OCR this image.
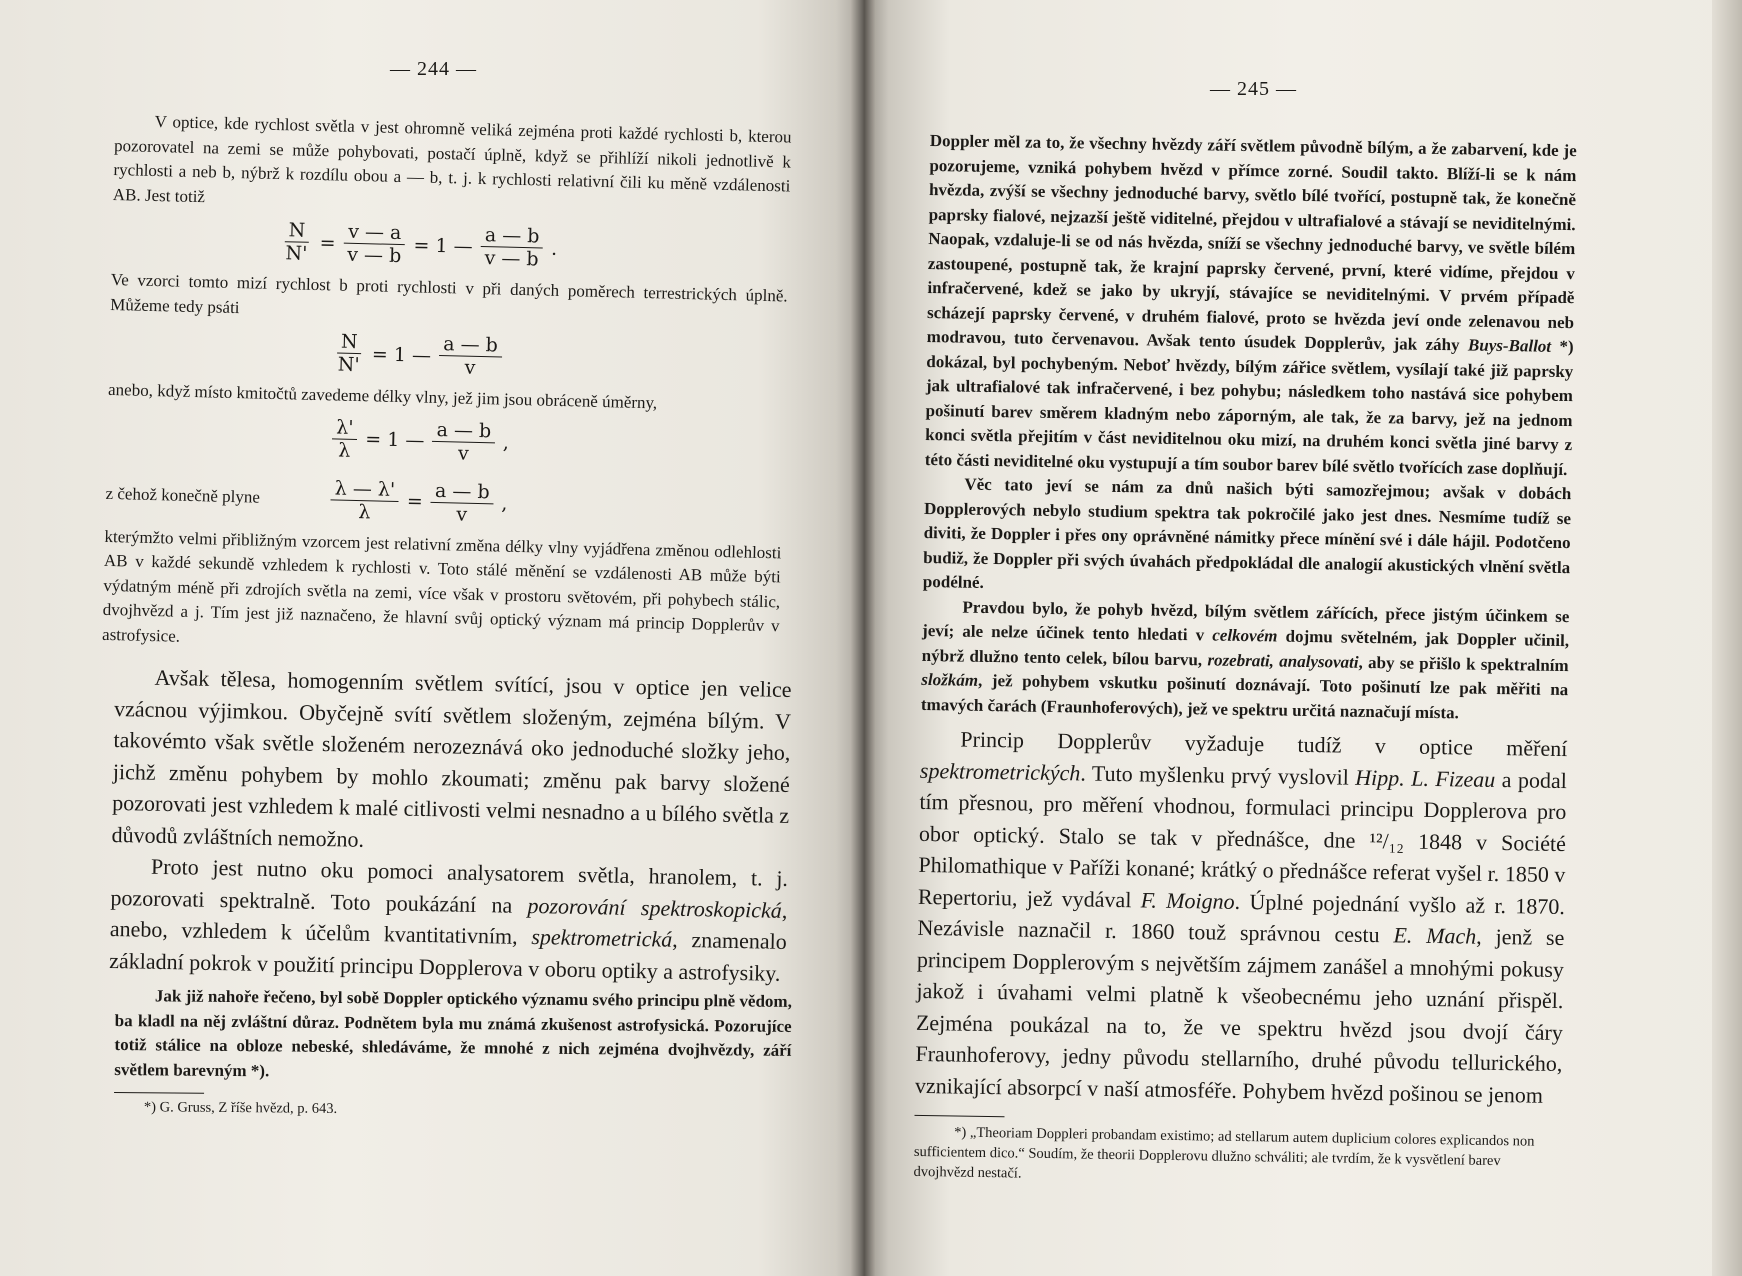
— 244 —

V optice, kde rychlost světla v jest ohromně veliká zejména proti každé rychlosti b, kterou pozorovatel na zemi se může pohybovati, postačí úplně, když se přihlíží nikoli jednotlivě k rychlosti a neb b, nýbrž k rozdílu obou a — b, t. j. k rychlosti relativní čili ku měně vzdálenosti AB. Jest totiž

$\frac{N}{N'} = \frac{v — a}{v — b} = 1$ — $\frac{a — b}{v — b}$ .

Ve vzorci tomto mizí rychlost b proti rychlosti v při daných poměrech terrestrických úplně. Můžeme tedy psáti

$\frac{N}{N'} = 1$ — $\frac{a — b}{v}$

anebo, když místo kmitočtů zavedeme délky vlny, jež jim jsou obráceně úměrny,

$\frac{\lambda'}{\lambda} = 1$ — $\frac{a — b}{v}$ ,
z čehož konečně plyne	$\frac{\lambda — \lambda'}{\lambda} = \frac{a — b}{v}$ ,

kterýmžto velmi přibližným vzorcem jest relativní změna délky vlny vyjádřena změnou odlehlosti AB v každé sekundě vzhledem k rychlosti v. Toto stálé měnění se vzdálenosti AB může býti výdatným méně při zdrojích světla na zemi, více však v prostoru světovém, při pohybech stálic, dvojhvězd a j. Tím jest již naznačeno, že hlavní svůj optický význam má princip Dopplerův v astrofysice.

Avšak tělesa, homogenním světlem svítící, jsou v optice jen velice vzácnou výjimkou. Obyčejně svítí světlem složeným, zejména bílým. V takovémto však světle složeném nerozeznává oko jednoduché složky jeho, jichž změnu pohybem by mohlo zkoumati; změnu pak barvy složené pozorovati jest vzhledem k malé citlivosti velmi nesnadno a u bílého světla z důvodů zvláštních nemožno.

Proto jest nutno oku pomoci analysatorem světla, hranolem, t. j. pozorovati spektralně. Toto poukázání na pozorování spektroskopická, anebo, vzhledem k účelům kvantitativním, spektrometrická, znamenalo základní pokrok v použití principu Dopplerova v oboru optiky a astrofysiky.

Jak již nahoře řečeno, byl sobě Doppler optického významu svého principu plně vědom, ba kladl na něj zvláštní důraz. Podnětem byla mu známá zkušenost astrofysická. Pozorujíce totiž stálice na obloze nebeské, shledáváme, že mnohé z nich zejména dvojhvězdy, září světlem barevným *).

*) G. Gruss, Z říše hvězd, p. 643.

— 245 —

Doppler měl za to, že všechny hvězdy září světlem původně bílým, a že zabarvení, kde je pozorujeme, vzniká pohybem hvězd v přímce zorné. Soudil takto. Blíží-li se k nám hvězda, zvýší se všechny jednoduché barvy, světlo bílé tvořící, postupně tak, že konečně paprsky fialové, nejzazší ještě viditelné, přejdou v ultrafialové a stávají se neviditelnými. Naopak, vzdaluje-li se od nás hvězda, sníží se všechny jednoduché barvy, ve světle bílém zastoupené, postupně tak, že krajní paprsky červené, první, které vidíme, přejdou v infračervené, kdež se jako by ukryjí, stávajíce se neviditelnými. V prvém případě scházejí paprsky červené, v druhém fialové, proto se hvězda jeví onde zelenavou neb modravou, tuto červenavou. Avšak tento úsudek Dopplerův, jak záhy Buys-Ballot *) dokázal, byl pochybeným. Neboť hvězdy, bílým zářice světlem, vysílají také již paprsky jak ultrafialové tak infračervené, i bez pohybu; následkem toho nastává sice pohybem pošinutí barev směrem kladným nebo záporným, ale tak, že za barvy, jež na jednom konci světla přejitím v část neviditelnou oku mizí, na druhém konci světla jiné barvy z této části neviditelné oku vystupují a tím soubor barev bílé světlo tvořících zase doplňují.

Věc tato jeví se nám za dnů našich býti samozřejmou; avšak v dobách Dopplerových nebylo studium spektra tak pokročilé jako jest dnes. Nesmíme tudíž se diviti, že Doppler i přes ony oprávněné námitky přece mínění své i dále hájil. Podotčeno budiž, že Doppler při svých úvahách předpokládal dle analogií akustických vlnění světla podélné.

Pravdou bylo, že pohyb hvězd, bílým světlem zářících, přece jistým účinkem se jeví; ale nelze účinek tento hledati v celkovém dojmu světelném, jak Doppler učinil, nýbrž dlužno tento celek, bílou barvu, rozebrati, analysovati, aby se přišlo k spektralním složkám, jež pohybem vskutku pošinutí doznávají. Toto pošinutí lze pak měřiti na tmavých čarách (Fraunhoferových), jež ve spektru určitá naznačují místa.

Princip Dopplerův vyžaduje tudíž v optice měření spektrometrických. Tuto myšlenku prvý vyslovil Hipp. L. Fizeau a podal tím přesnou, pro měření vhodnou, formulaci principu Dopplerova pro obor optický. Stalo se tak v přednášce, dne ¹²/₁₂ 1848 v Société Philomathique v Paříži konané; krátký o přednášce referat vyšel r. 1850 v Repertoriu, jež vydával F. Moigno. Úplné pojednání vyšlo až r. 1870. Nezávisle naznačil r. 1860 touž správnou cestu E. Mach, jenž se principem Dopplerovým s největším zájmem zanášel a mnohými pokusy jakož i úvahami velmi platně k všeobecnému jeho uznání přispěl. Zejména poukázal na to, že ve spektru hvězd jsou dvojí čáry Fraunhoferovy, jedny původu stellarního, druhé původu tellurického, vznikající absorpcí v naší atmosféře. Pohybem hvězd pošinou se jenom

*) „Theoriam Doppleri probandam existimo; ad stellarum autem duplicium colores explicandos non sufficientem dico.“ Soudím, že theorii Dopplerovu dlužno schváliti; ale tvrdím, že k vysvětlení barev dvojhvězd nestačí.
